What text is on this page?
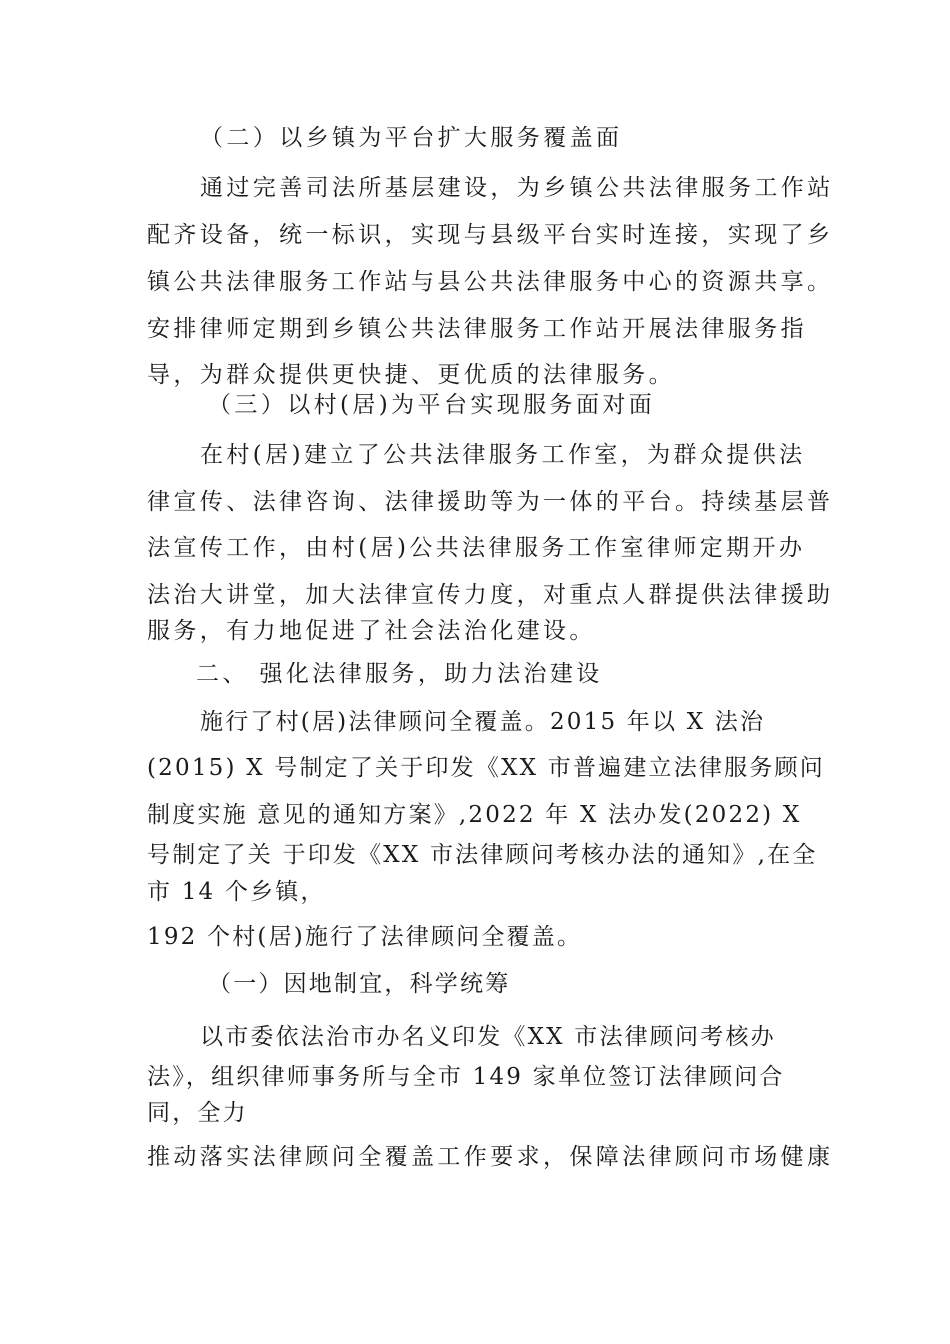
（二）以乡镇为平台扩大服务覆盖面

通过完善司法所基层建设，为乡镇公共法律服务工作站

配齐设备，统一标识，实现与县级平台实时连接，实现了乡

镇公共法律服务工作站与县公共法律服务中心的资源共享。

安排律师定期到乡镇公共法律服务工作站开展法律服务指

导，为群众提供更快捷、更优质的法律服务。

（三）以村(居)为平台实现服务面对面

在村(居)建立了公共法律服务工作室，为群众提供法

律宣传、法律咨询、法律援助等为一体的平台。持续基层普

法宣传工作，由村(居)公共法律服务工作室律师定期开办

法治大讲堂，加大法律宣传力度，对重点人群提供法律援助

服务，有力地促进了社会法治化建设。

二、 强化法律服务，助力法治建设

施行了村(居)法律顾问全覆盖。2015 年以 X 法治

(2015) X 号制定了关于印发《XX 市普遍建立法律服务顾问

制度实施 意见的通知方案》,2022 年 X 法办发(2022) X

号制定了关 于印发《XX 市法律顾问考核办法的通知》,在全

市 14 个乡镇，

192 个村(居)施行了法律顾问全覆盖。

（一）因地制宜，科学统筹

以市委依法治市办名义印发《XX 市法律顾问考核办

法》，组织律师事务所与全市 149 家单位签订法律顾问合

同，全力

推动落实法律顾问全覆盖工作要求，保障法律顾问市场健康
